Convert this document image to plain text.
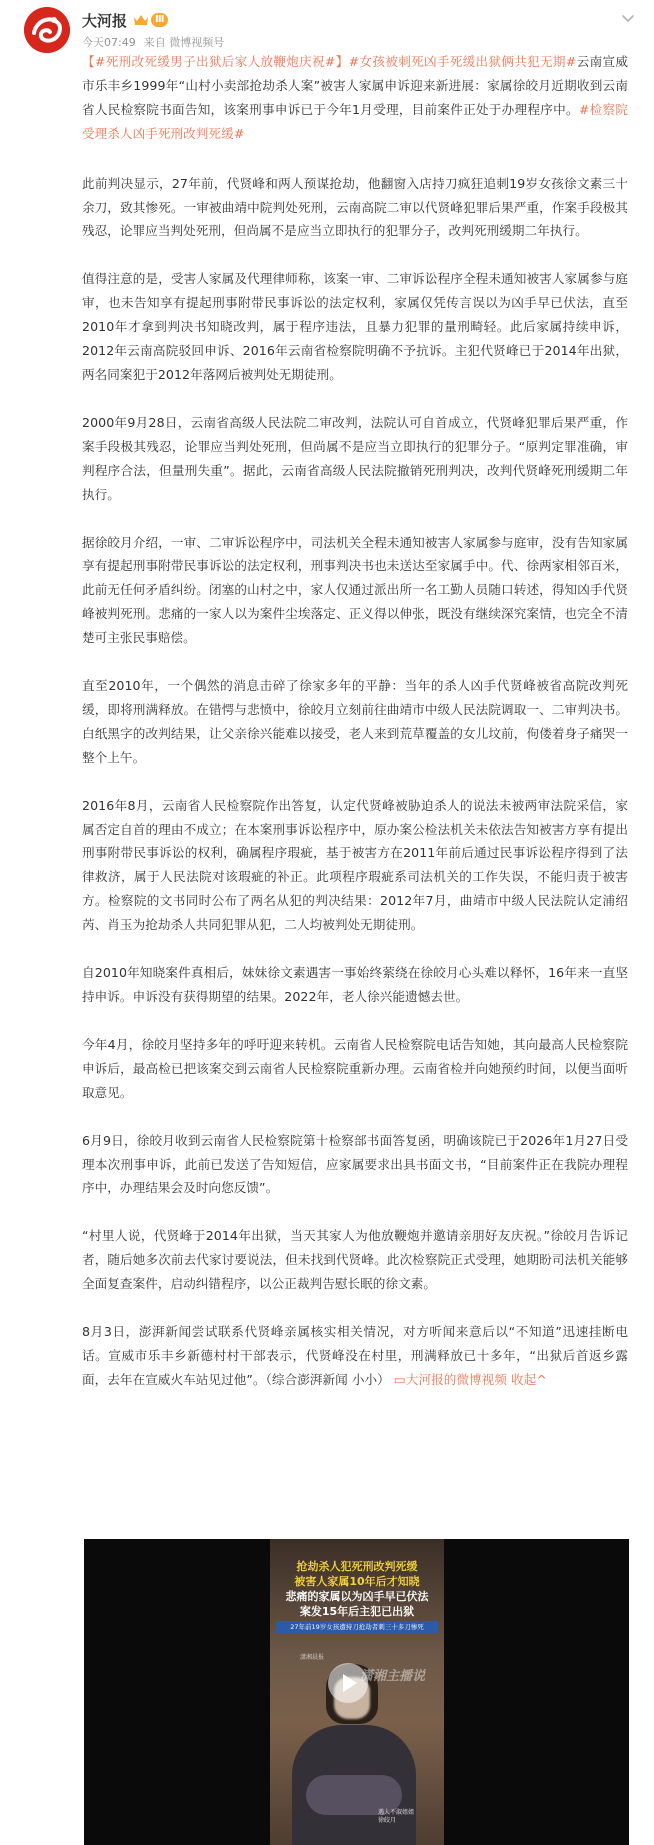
大河报	Ⅲ
今天07:49 来自 微博视频号

【#死刑改死缓男子出狱后家人放鞭炮庆祝#】#女孩被刺死凶手死缓出狱俩共犯无期#云南宣威市乐丰乡1999年“山村小卖部抢劫杀人案”被害人家属申诉迎来新进展：家属徐皎月近期收到云南省人民检察院书面告知，该案刑事申诉已于今年1月受理，目前案件正处于办理程序中。#检察院受理杀人凶手死刑改判死缓#

此前判决显示，27年前，代贤峰和两人预谋抢劫，他翻窗入店持刀疯狂追刺19岁女孩徐文素三十余刀，致其惨死。一审被曲靖中院判处死刑，云南高院二审以代贤峰犯罪后果严重，作案手段极其残忍，论罪应当判处死刑，但尚属不是应当立即执行的犯罪分子，改判死刑缓期二年执行。

值得注意的是，受害人家属及代理律师称，该案一审、二审诉讼程序全程未通知被害人家属参与庭审，也未告知享有提起刑事附带民事诉讼的法定权利，家属仅凭传言误以为凶手早已伏法，直至2010年才拿到判决书知晓改判，属于程序违法，且暴力犯罪的量刑畸轻。此后家属持续申诉，2012年云南高院驳回申诉、2016年云南省检察院明确不予抗诉。主犯代贤峰已于2014年出狱，两名同案犯于2012年落网后被判处无期徒刑。

2000年9月28日，云南省高级人民法院二审改判，法院认可自首成立，代贤峰犯罪后果严重，作案手段极其残忍，论罪应当判处死刑，但尚属不是应当立即执行的犯罪分子。“原判定罪准确，审判程序合法，但量刑失重”。据此，云南省高级人民法院撤销死刑判决，改判代贤峰死刑缓期二年执行。

据徐皎月介绍，一审、二审诉讼程序中，司法机关全程未通知被害人家属参与庭审，没有告知家属享有提起刑事附带民事诉讼的法定权利，刑事判决书也未送达至家属手中。代、徐两家相邻百米，此前无任何矛盾纠纷。闭塞的山村之中，家人仅通过派出所一名工勤人员随口转述，得知凶手代贤峰被判死刑。悲痛的一家人以为案件尘埃落定、正义得以伸张，既没有继续深究案情，也完全不清楚可主张民事赔偿。

直至2010年，一个偶然的消息击碎了徐家多年的平静：当年的杀人凶手代贤峰被省高院改判死缓，即将刑满释放。在错愕与悲愤中，徐皎月立刻前往曲靖市中级人民法院调取一、二审判决书。白纸黑字的改判结果，让父亲徐兴能难以接受，老人来到荒草覆盖的女儿坟前，佝偻着身子痛哭一整个上午。

2016年8月，云南省人民检察院作出答复，认定代贤峰被胁迫杀人的说法未被两审法院采信，家属否定自首的理由不成立；在本案刑事诉讼程序中，原办案公检法机关未依法告知被害方享有提出刑事附带民事诉讼的权利，确属程序瑕疵，基于被害方在2011年前后通过民事诉讼程序得到了法律救济，属于人民法院对该瑕疵的补正。此项程序瑕疵系司法机关的工作失误，不能归责于被害方。检察院的文书同时公布了两名从犯的判决结果：2012年7月，曲靖市中级人民法院认定浦绍芮、肖玉为抢劫杀人共同犯罪从犯，二人均被判处无期徒刑。

自2010年知晓案件真相后，妹妹徐文素遇害一事始终萦绕在徐皎月心头难以释怀，16年来一直坚持申诉。申诉没有获得期望的结果。2022年，老人徐兴能遗憾去世。

今年4月，徐皎月坚持多年的呼吁迎来转机。云南省人民检察院电话告知她，其向最高人民检察院申诉后，最高检已把该案交到云南省人民检察院重新办理。云南省检并向她预约时间，以便当面听取意见。

6月9日，徐皎月收到云南省人民检察院第十检察部书面答复函，明确该院已于2026年1月27日受理本次刑事申诉，此前已发送了告知短信，应家属要求出具书面文书，“目前案件正在我院办理程序中，办理结果会及时向您反馈”。

“村里人说，代贤峰于2014年出狱，当天其家人为他放鞭炮并邀请亲朋好友庆祝。”徐皎月告诉记者，随后她多次前去代家讨要说法，但未找到代贤峰。此次检察院正式受理，她期盼司法机关能够全面复查案件，启动纠错程序，以公正裁判告慰长眠的徐文素。

8月3日，澎湃新闻尝试联系代贤峰亲属核实相关情况，对方听闻来意后以“不知道”迅速挂断电话。宣威市乐丰乡新德村村干部表示，代贤峰没在村里，刑满释放已十多年，“出狱后首返乡露面，去年在宣威火车站见过他”。（综合澎湃新闻 小小） ▭大河报的微博视频 收起^

抢劫杀人犯死刑改判死缓
被害人家属10年后才知晓
悲痛的家属以为凶手早已伏法
案发15年后主犯已出狱
27年前19岁女孩遭持刀抢劫者刺三十多刀惨死
潇湘晨报
潇湘主播说
遇人不淑姐姐
徐皎月
